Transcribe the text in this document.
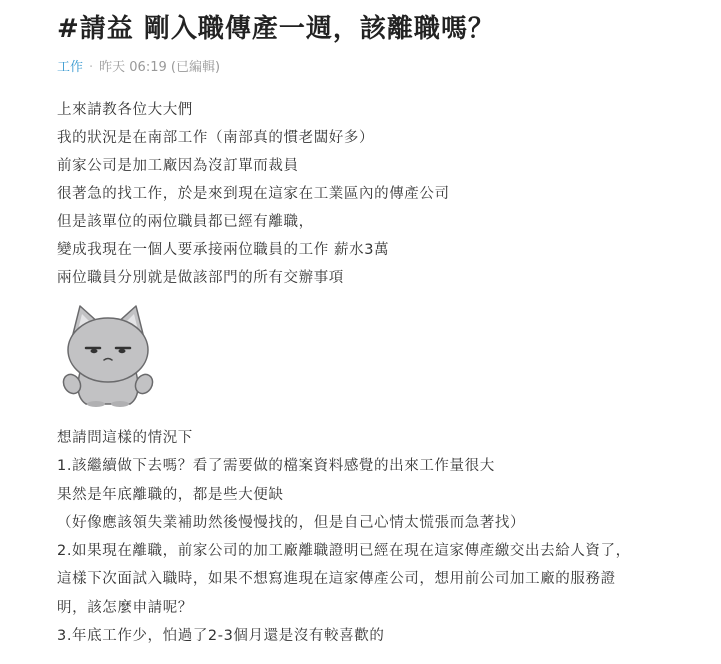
#請益 剛入職傳產一週，該離職嗎？
工作 · 昨天 06:19 (已編輯)
上來請教各位大大們
我的狀況是在南部工作（南部真的慣老闆好多）
前家公司是加工廠因為沒訂單而裁員
很著急的找工作，於是來到現在這家在工業區內的傳產公司
但是該單位的兩位職員都已經有離職，
變成我現在一個人要承接兩位職員的工作 薪水3萬
兩位職員分別就是做該部門的所有交辦事項
想請問這樣的情況下
1.該繼續做下去嗎？看了需要做的檔案資料感覺的出來工作量很大
果然是年底離職的，都是些大便缺
（好像應該領失業補助然後慢慢找的，但是自己心情太慌張而急著找）
2.如果現在離職，前家公司的加工廠離職證明已經在現在這家傳產繳交出去給人資了，
這樣下次面試入職時，如果不想寫進現在這家傳產公司，想用前公司加工廠的服務證
明，該怎麼申請呢？
3.年底工作少，怕過了2-3個月還是沒有較喜歡的
